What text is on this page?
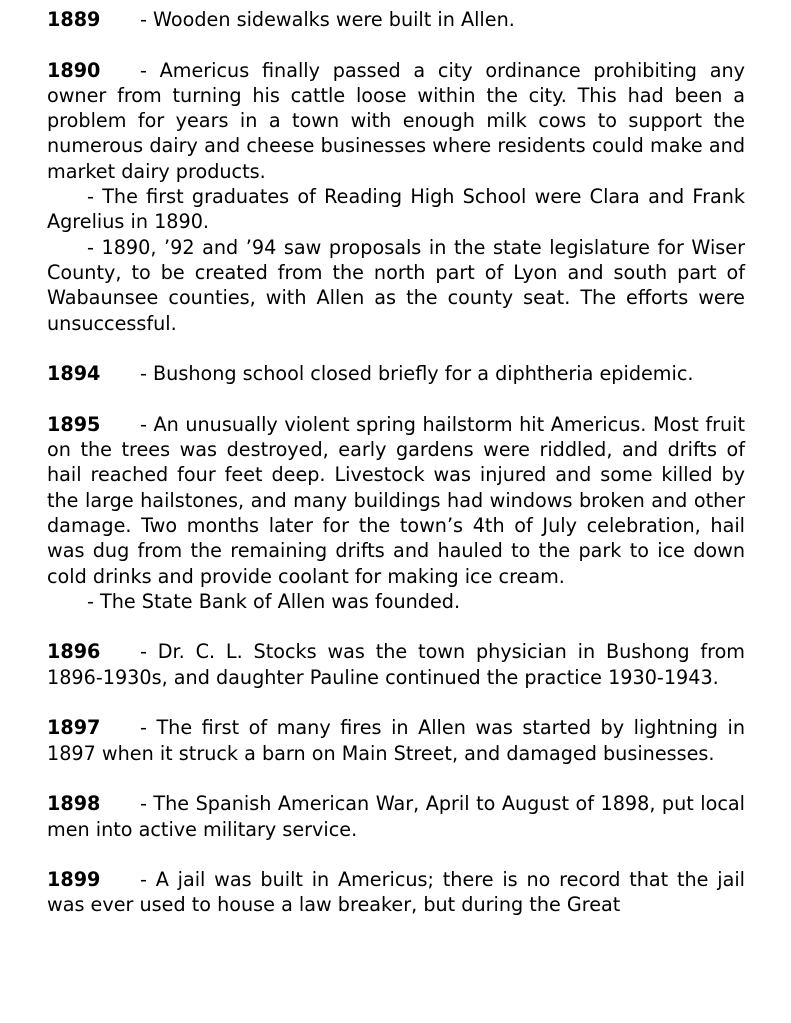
1889 - Wooden sidewalks were built in Allen.

1890 - Americus finally passed a city ordinance prohibiting any owner from turning his cattle loose within the city. This had been a problem for years in a town with enough milk cows to support the numerous dairy and cheese businesses where residents could make and market dairy products.

- The first graduates of Reading High School were Clara and Frank Agrelius in 1890.

- 1890, ’92 and ’94 saw proposals in the state legislature for Wiser County, to be created from the north part of Lyon and south part of Wabaunsee counties, with Allen as the county seat. The efforts were unsuccessful.

1894 - Bushong school closed briefly for a diphtheria epidemic.

1895 - An unusually violent spring hailstorm hit Americus. Most fruit on the trees was destroyed, early gardens were riddled, and drifts of hail reached four feet deep. Livestock was injured and some killed by the large hailstones, and many buildings had windows broken and other damage. Two months later for the town’s 4th of July celebration, hail was dug from the remaining drifts and hauled to the park to ice down cold drinks and provide coolant for making ice cream.

- The State Bank of Allen was founded.

1896 - Dr. C. L. Stocks was the town physician in Bushong from 1896-1930s, and daughter Pauline continued the practice 1930-1943.

1897 - The first of many fires in Allen was started by lightning in 1897 when it struck a barn on Main Street, and damaged businesses.

1898 - The Spanish American War, April to August of 1898, put local men into active military service.

1899 - A jail was built in Americus; there is no record that the jail was ever used to house a law breaker, but during the Great
